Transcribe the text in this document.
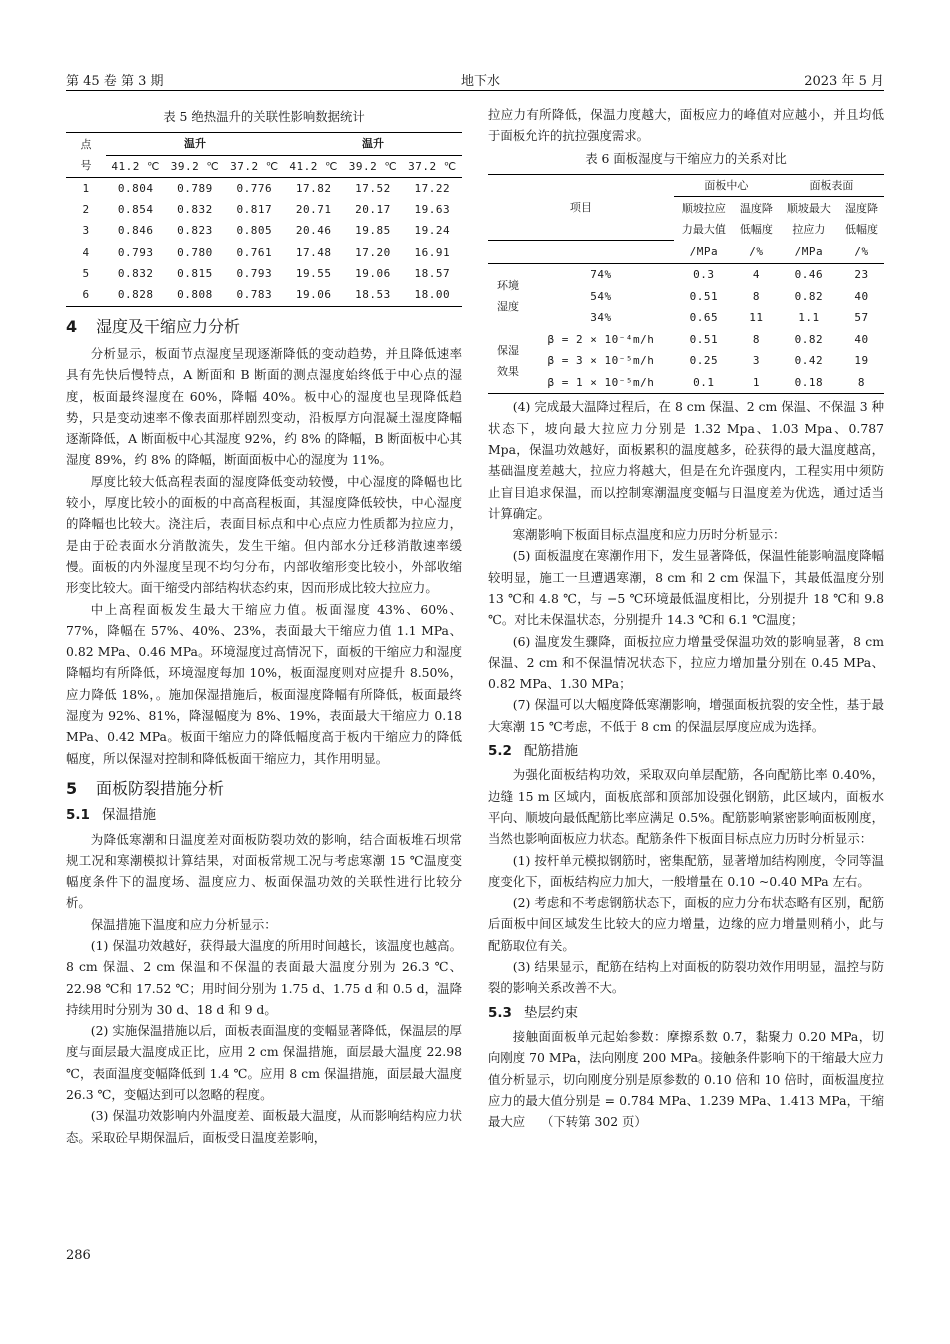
第 45 卷 第 3 期	地下水	2023 年 5 月
表 5 绝热温升的关联性影响数据统计
点	温升			温升		
号	41.2 ℃	39.2 ℃	37.2 ℃	41.2 ℃	39.2 ℃	37.2 ℃
1	0.804	0.789	0.776	17.82	17.52	17.22
2	0.854	0.832	0.817	20.71	20.17	19.63
3	0.846	0.823	0.805	20.46	19.85	19.24
4	0.793	0.780	0.761	17.48	17.20	16.91
5	0.832	0.815	0.793	19.55	19.06	18.57
6	0.828	0.808	0.783	19.06	18.53	18.00
4 湿度及干缩应力分析

分析显示，板面节点湿度呈现逐渐降低的变动趋势，并且降低速率具有先快后慢特点，A 断面和 B 断面的测点湿度始终低于中心点的湿度，板面最终湿度在 60%，降幅 40%。板中心的湿度也呈现降低趋势，只是变动速率不像表面那样剧烈变动，沿板厚方向混凝土湿度降幅逐渐降低，A 断面板中心其湿度 92%，约 8% 的降幅，B 断面板中心其湿度 89%，约 8% 的降幅，断面面板中心的湿度为 11%。

厚度比较大低高程表面的湿度降低变动较慢，中心湿度的降幅也比较小，厚度比较小的面板的中高高程板面，其湿度降低较快，中心湿度的降幅也比较大。浇注后，表面目标点和中心点应力性质都为拉应力，是由于砼表面水分消散流失，发生干缩。但内部水分迁移消散速率缓慢。面板的内外湿度呈现不均匀分布，内部收缩形变比较小，外部收缩形变比较大。面干缩受内部结构状态约束，因而形成比较大拉应力。

中上高程面板发生最大干缩应力值。板面湿度 43%、60%、77%，降幅在 57%、40%、23%，表面最大干缩应力值 1.1 MPa、0.82 MPa、0.46 MPa。环境湿度过高情况下，面板的干缩应力和湿度降幅均有所降低，环境湿度每加 10%，板面湿度则对应提升 8.50%，应力降低 18%，。施加保湿措施后，板面湿度降幅有所降低，板面最终湿度为 92%、81%，降湿幅度为 8%、19%，表面最大干缩应力 0.18 MPa、0.42 MPa。板面干缩应力的降低幅度高于板内干缩应力的降低幅度，所以保湿对控制和降低板面干缩应力，其作用明显。

5 面板防裂措施分析
5.1 保温措施

为降低寒潮和日温度差对面板防裂功效的影响，结合面板堆石坝常规工况和寒潮模拟计算结果，对面板常规工况与考虑寒潮 15 ℃温度变幅度条件下的温度场、温度应力、板面保温功效的关联性进行比较分析。

保温措施下温度和应力分析显示：

(1) 保温功效越好，获得最大温度的所用时间越长，该温度也越高。8 cm 保温、2 cm 保温和不保温的表面最大温度分别为 26.3 ℃、22.98 ℃和 17.52 ℃；用时间分别为 1.75 d、1.75 d 和 0.5 d，温降持续用时分别为 30 d、18 d 和 9 d。

(2) 实施保温措施以后，面板表面温度的变幅显著降低，保温层的厚度与面层最大温度成正比，应用 2 cm 保温措施，面层最大温度 22.98 ℃，表面温度变幅降低到 1.4 ℃。应用 8 cm 保温措施，面层最大温度 26.3 ℃，变幅达到可以忽略的程度。

(3) 保温功效影响内外温度差、面板最大温度，从而影响结构应力状态。采取砼早期保温后，面板受日温度差影响，

拉应力有所降低，保温力度越大，面板应力的峰值对应越小，并且均低于面板允许的抗拉强度需求。

表 6 面板湿度与干缩应力的关系对比
项目		面板中心		面板表面	
		顺坡拉应	温度降	顺坡最大	湿度降
		力最大值	低幅度	拉应力	低幅度
		/MPa	/%	/MPa	/%

环境
湿度	74%	0.3	4	0.46	23
	54%	0.51	8	0.82	40
	34%	0.65	11	1.1	57

保湿
效果	β = 2 × 10⁻⁴m/h	0.51	8	0.82	40
	β = 3 × 10⁻⁵m/h	0.25	3	0.42	19
	β = 1 × 10⁻⁵m/h	0.1	1	0.18	8

(4) 完成最大温降过程后，在 8 cm 保温、2 cm 保温、不保温 3 种状态下，坡向最大拉应力分别是 1.32 Mpa、1.03 Mpa、0.787 Mpa，保温功效越好，面板累积的温度越多，砼获得的最大温度越高，基础温度差越大，拉应力将越大，但是在允许强度内，工程实用中须防止盲目追求保温，而以控制寒潮温度变幅与日温度差为优选，通过适当计算确定。

寒潮影响下板面目标点温度和应力历时分析显示：

(5) 面板温度在寒潮作用下，发生显著降低，保温性能影响温度降幅较明显，施工一旦遭遇寒潮，8 cm 和 2 cm 保温下，其最低温度分别 13 ℃和 4.8 ℃，与 −5 ℃环境最低温度相比，分别提升 18 ℃和 9.8 ℃。对比未保温状态，分别提升 14.3 ℃和 6.1 ℃温度；

(6) 温度发生骤降，面板拉应力增量受保温功效的影响显著，8 cm 保温、2 cm 和不保温情况状态下，拉应力增加量分别在 0.45 MPa、0.82 MPa、1.30 MPa；

(7) 保温可以大幅度降低寒潮影响，增强面板抗裂的安全性，基于最大寒潮 15 ℃考虑，不低于 8 cm 的保温层厚度应成为选择。

5.2 配筋措施

为强化面板结构功效，采取双向单层配筋，各向配筋比率 0.40%，边缝 15 m 区域内，面板底部和顶部加设强化钢筋，此区域内，面板水平向、顺坡向最低配筋比率应满足 0.5%。配筋影响紧密影响面板刚度，当然也影响面板应力状态。配筋条件下板面目标点应力历时分析显示：

(1) 按杆单元模拟钢筋时，密集配筋，显著增加结构刚度，令同等温度变化下，面板结构应力加大，一般增量在 0.10 ~0.40 MPa 左右。

(2) 考虑和不考虑钢筋状态下，面板的应力分布状态略有区别，配筋后面板中间区域发生比较大的应力增量，边缘的应力增量则稍小，此与配筋取位有关。

(3) 结果显示，配筋在结构上对面板的防裂功效作用明显，温控与防裂的影响关系改善不大。

5.3 垫层约束

接触面面板单元起始参数：摩擦系数 0.7，黏聚力 0.20 MPa，切向刚度 70 MPa，法向刚度 200 MPa。接触条件影响下的干缩最大应力值分析显示，切向刚度分别是原参数的 0.10 倍和 10 倍时，面板温度拉应力的最大值分别是 = 0.784 MPa、1.239 MPa、1.413 MPa，干缩最大应 （下转第 302 页）

286
